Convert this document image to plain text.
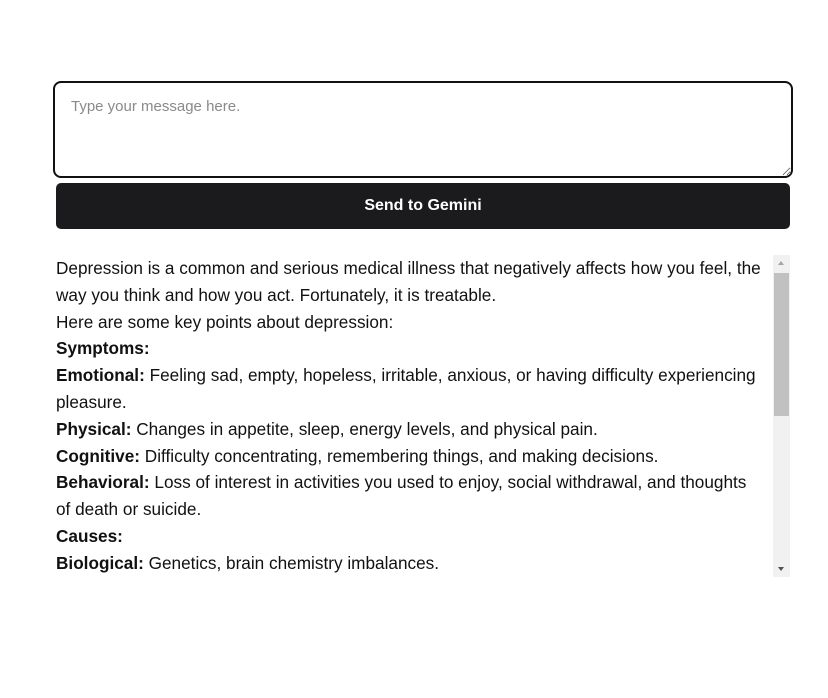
Type your message here.
Send to Gemini

Depression is a common and serious medical illness that negatively affects how you feel, the way you think and how you act. Fortunately, it is treatable.

Here are some key points about depression:

Symptoms:

Emotional: Feeling sad, empty, hopeless, irritable, anxious, or having difficulty experiencing pleasure.

Physical: Changes in appetite, sleep, energy levels, and physical pain.

Cognitive: Difficulty concentrating, remembering things, and making decisions.

Behavioral: Loss of interest in activities you used to enjoy, social withdrawal, and thoughts of death or suicide.

Causes:

Biological: Genetics, brain chemistry imbalances.
